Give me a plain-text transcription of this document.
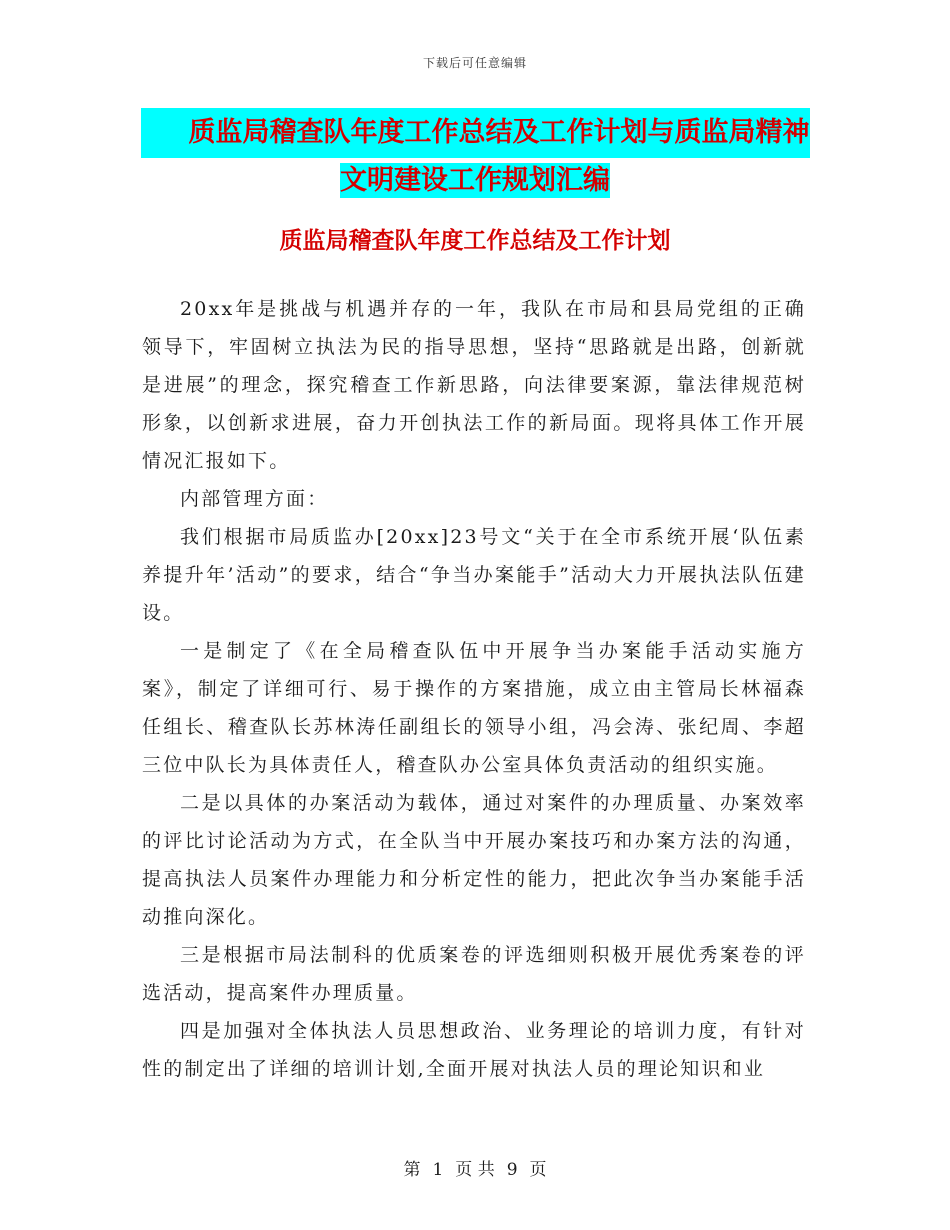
下载后可任意编辑
质监局稽查队年度工作总结及工作计划与质监局精神
文明建设工作规划汇编
质监局稽查队年度工作总结及工作计划

20xx年是挑战与机遇并存的一年，我队在市局和县局党组的正确领导下，牢固树立执法为民的指导思想，坚持“思路就是出路，创新就是进展”的理念，探究稽查工作新思路，向法律要案源，靠法律规范树形象，以创新求进展，奋力开创执法工作的新局面。现将具体工作开展情况汇报如下。

内部管理方面：

我们根据市局质监办[20xx]23号文“关于在全市系统开展‘队伍素养提升年’活动”的要求，结合“争当办案能手”活动大力开展执法队伍建设。

一是制定了《在全局稽查队伍中开展争当办案能手活动实施方案》，制定了详细可行、易于操作的方案措施，成立由主管局长林福森任组长、稽查队长苏林涛任副组长的领导小组，冯会涛、张纪周、李超三位中队长为具体责任人，稽查队办公室具体负责活动的组织实施。

二是以具体的办案活动为载体，通过对案件的办理质量、办案效率的评比讨论活动为方式，在全队当中开展办案技巧和办案方法的沟通，提高执法人员案件办理能力和分析定性的能力，把此次争当办案能手活动推向深化。

三是根据市局法制科的优质案卷的评选细则积极开展优秀案卷的评选活动，提高案件办理质量。

四是加强对全体执法人员思想政治、业务理论的培训力度，有针对性的制定出了详细的培训计划,全面开展对执法人员的理论知识和业

第 1 页 共 9 页
